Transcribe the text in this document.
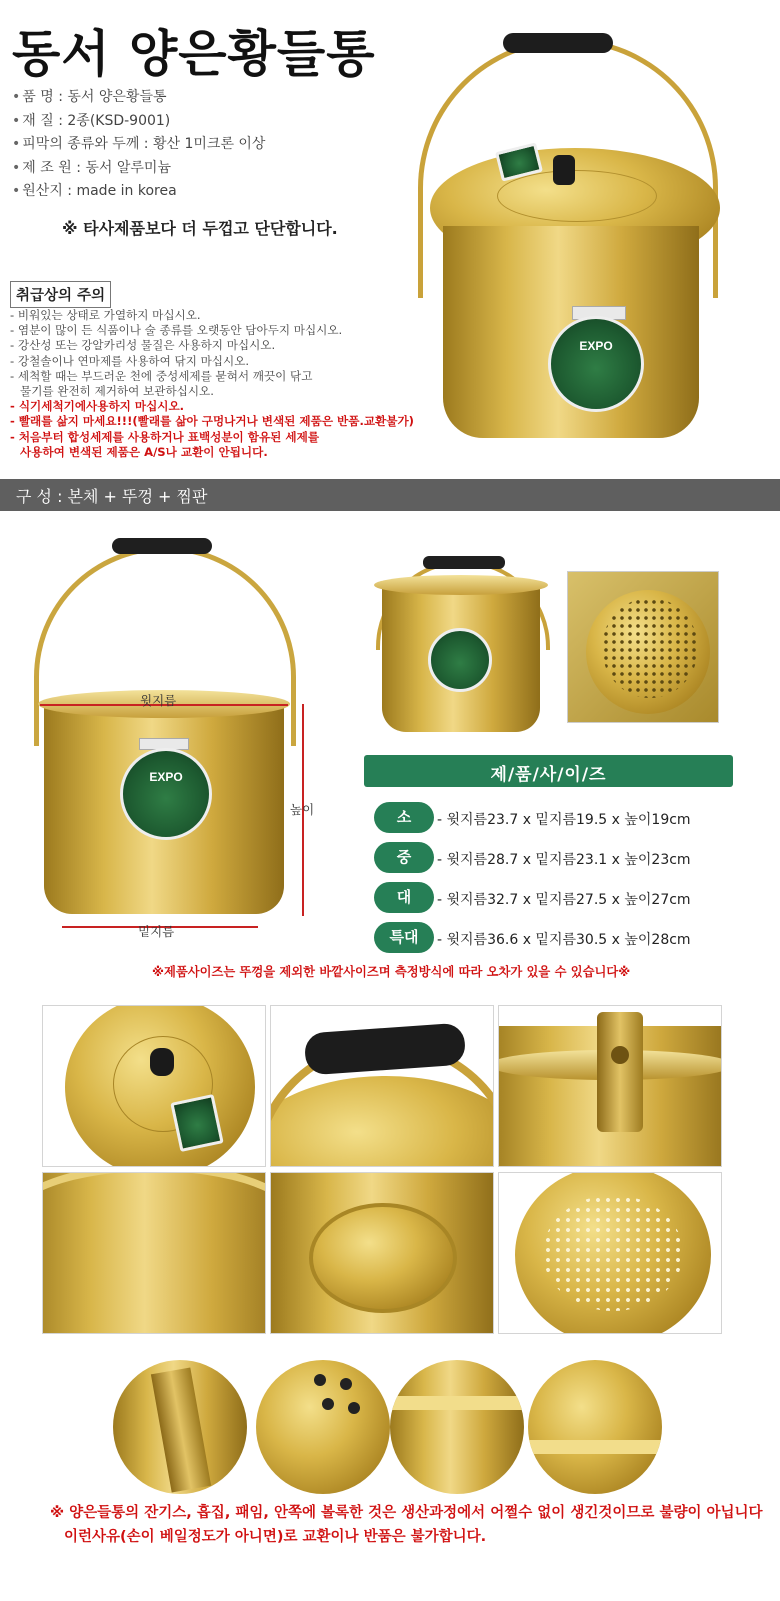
동서 양은황들통
• 품 명 : 동서 양은황들통
• 재 질 : 2종(KSD-9001)
• 피막의 종류와 두께 : 황산 1미크론 이상
• 제 조 원 : 동서 알루미늄
• 원산지 : made in korea
※ 타사제품보다 더 두껍고 단단합니다.
EXPO
취급상의 주의
- 비워있는 상태로 가열하지 마십시오.
- 염분이 많이 든 식품이나 술 종류를 오랫동안 담아두지 마십시오.
- 강산성 또는 강알카리성 물질은 사용하지 마십시오.
- 강철솔이나 연마제를 사용하여 닦지 마십시오.
- 세척할 때는 부드러운 천에 중성세제를 묻혀서 깨끗이 닦고
물기를 완전히 제거하여 보관하십시오.
- 식기세척기에사용하지 마십시오.
- 빨래를 삶지 마세요!!!(빨래를 삶아 구멍나거나 변색된 제품은 반품.교환불가)
- 처음부터 합성세제를 사용하거나 표백성분이 함유된 세제를
사용하여 변색된 제품은 A/S나 교환이 안됩니다.
구 성 : 본체 + 뚜껑 + 찜판
EXPO
윗지름
높이
밑지름
제/품/사/이/즈
소	- 윗지름23.7 x 밑지름19.5 x 높이19cm
중	- 윗지름28.7 x 밑지름23.1 x 높이23cm
대	- 윗지름32.7 x 밑지름27.5 x 높이27cm
특대	- 윗지름36.6 x 밑지름30.5 x 높이28cm
※제품사이즈는 뚜껑을 제외한 바깥사이즈며 측정방식에 따라 오차가 있을 수 있습니다※
※ 양은들통의 잔기스, 흡집, 패임, 안쪽에 볼록한 것은 생산과정에서 어쩔수 없이 생긴것이므로 불량이 아닙니다
이런사유(손이 베일정도가 아니면)로 교환이나 반품은 불가합니다.
